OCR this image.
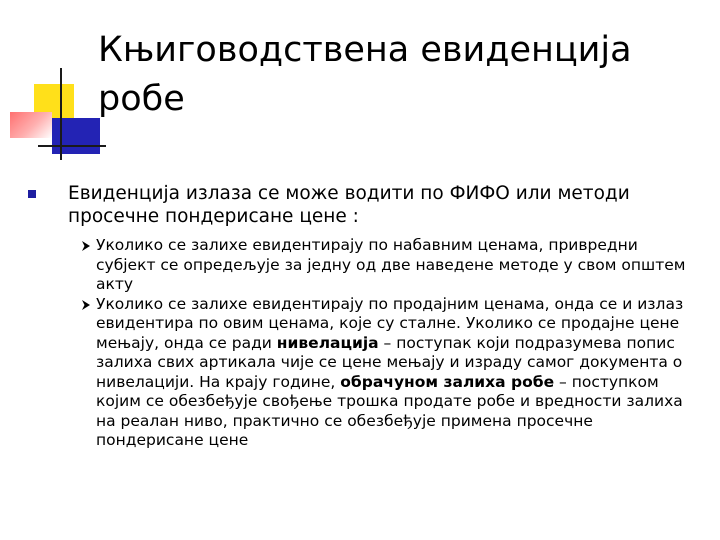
Књиговодствена евиденција робе
Евиденција излаза се може водити по ФИФО или методи просечне пондерисане цене :
Уколико се залихе евидентирају по набавним ценама, привредни субјект се опредељује за једну од две наведене методе у свом општем акту
Уколико се залихе евидентирају по продајним ценама, онда се и излаз евидентира по овим ценама, које су сталне. Уколико се продајне цене мењају, онда се ради нивелација – поступак који подразумева попис залиха свих артикала чије се цене мењају и израду самог документа о нивелацији. На крају године, обрачуном залиха робе – поступком којим се обезбеђује свођење трошка продате робе и вредности залиха на реалан ниво, практично се обезбеђује примена просечне пондерисане цене
